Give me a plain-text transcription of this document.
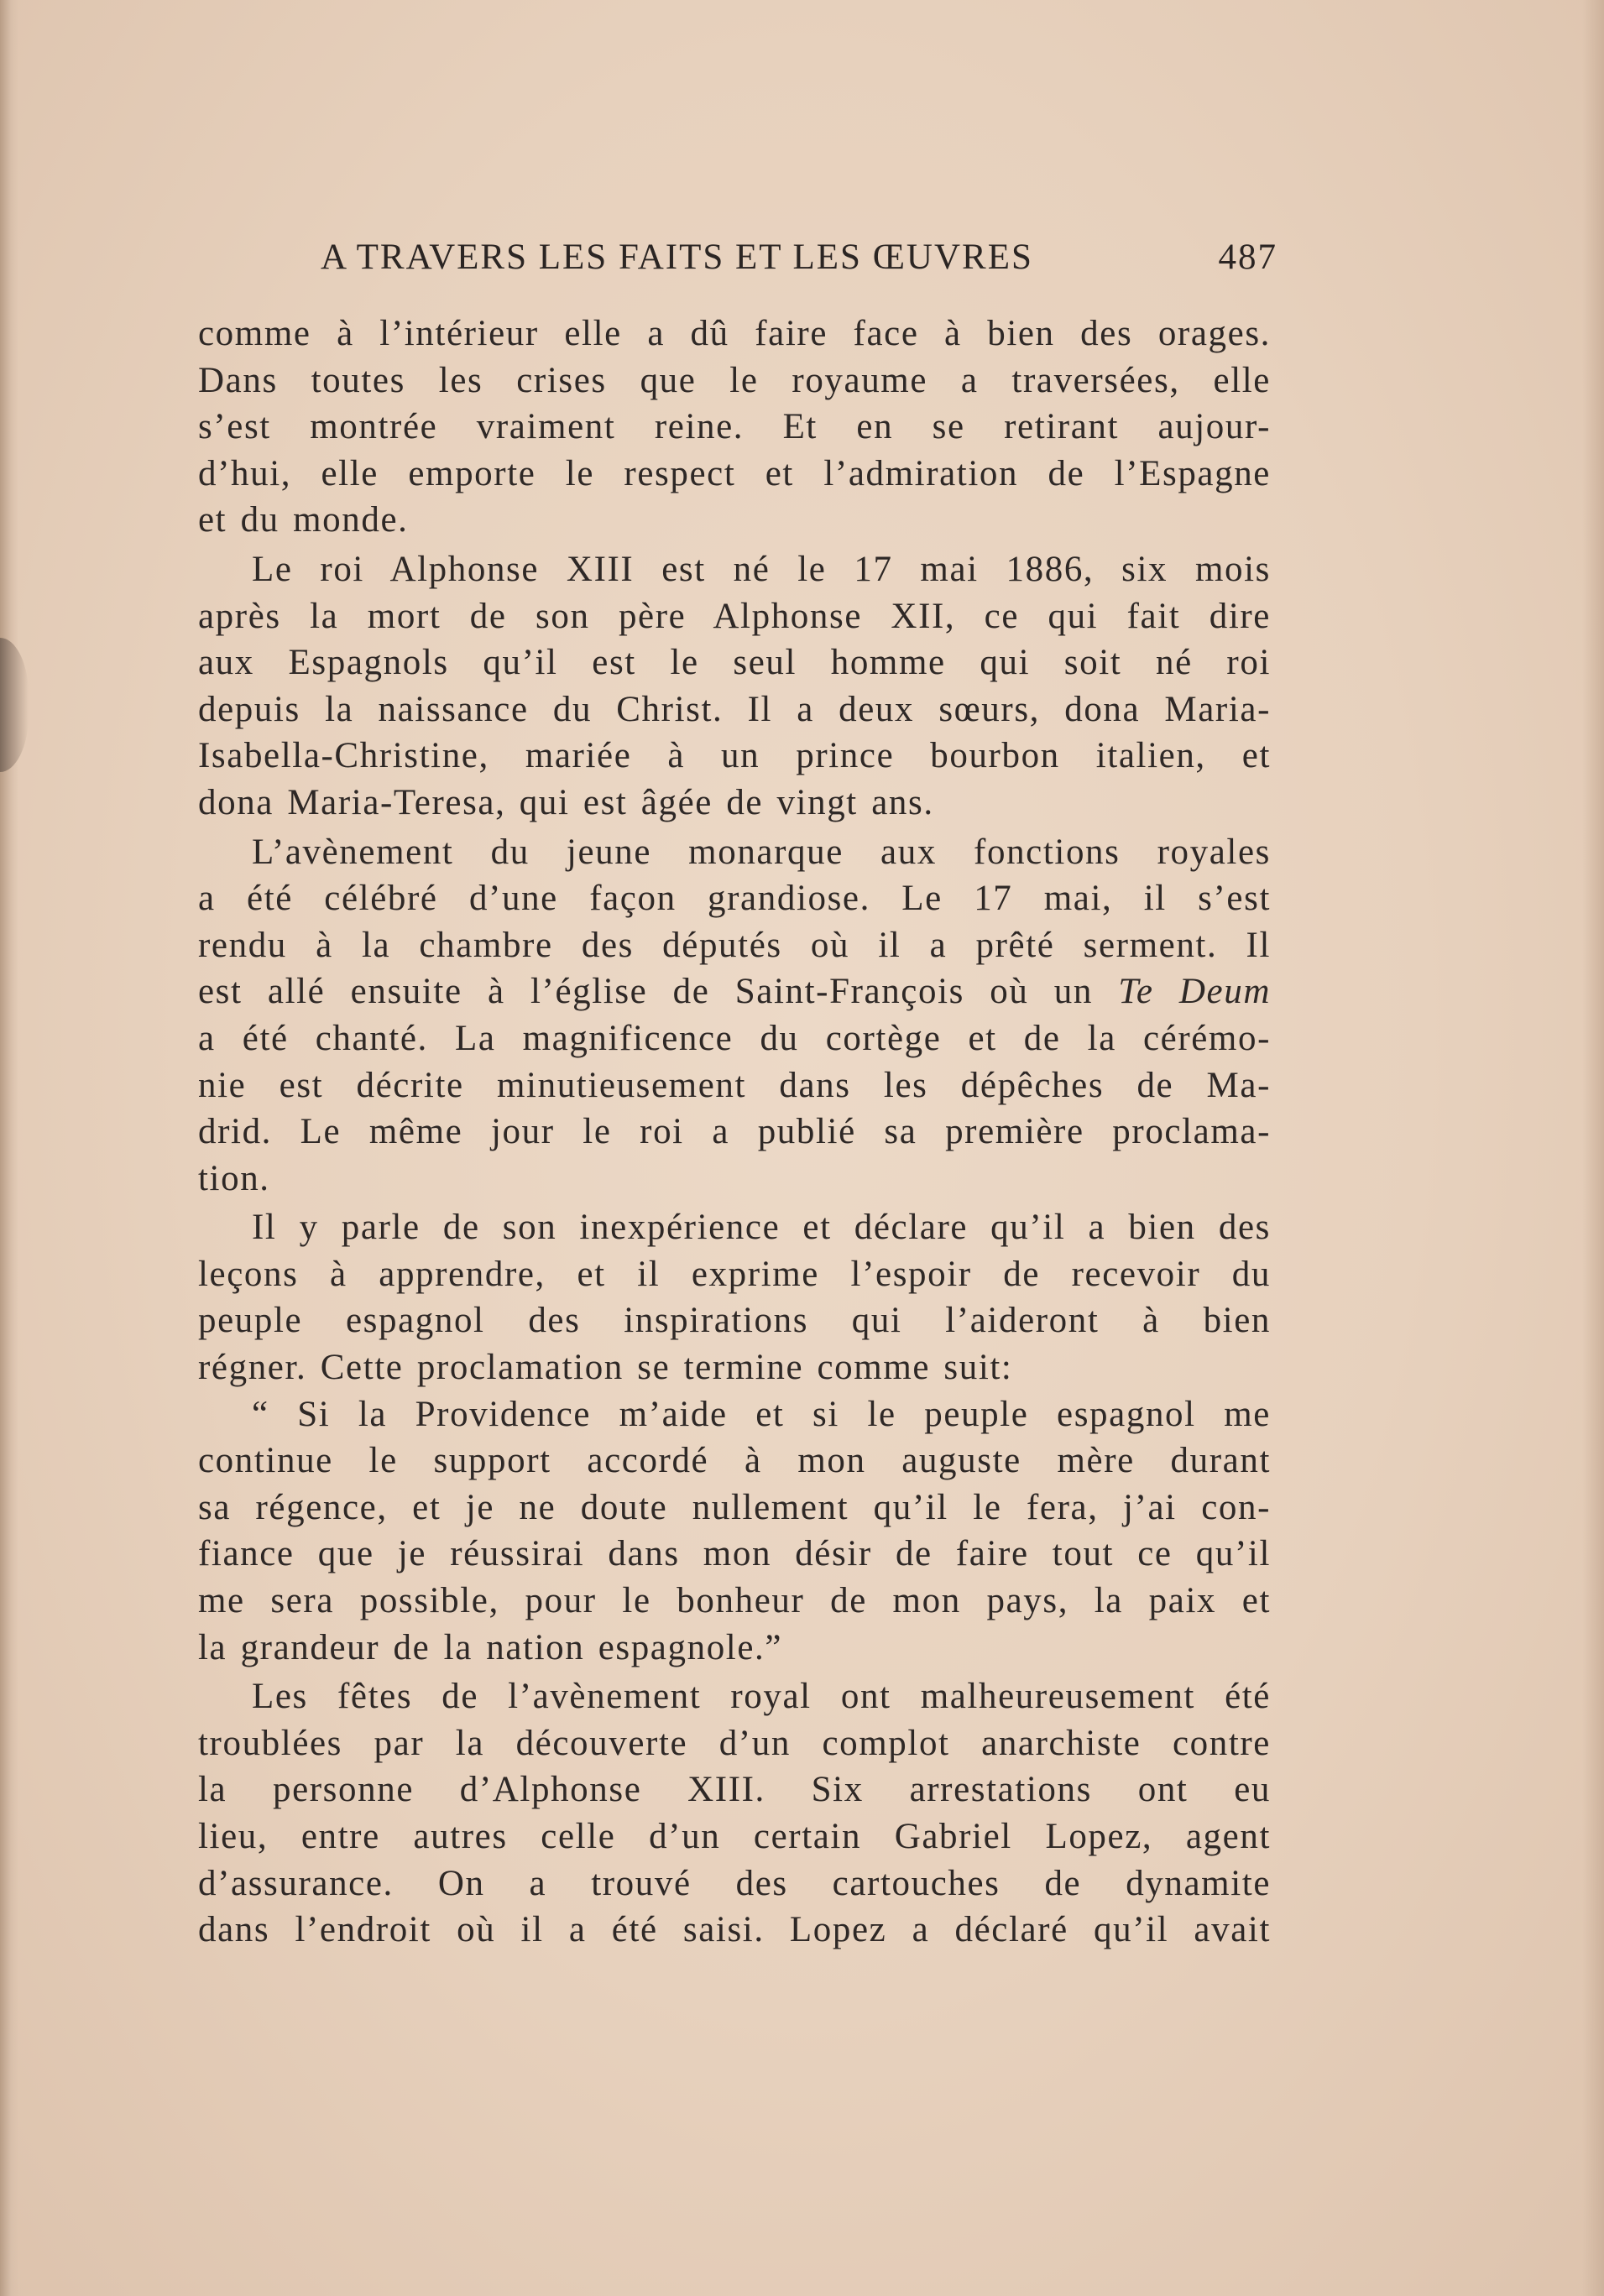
A TRAVERS LES FAITS ET LES ŒUVRES	487
comme à l’intérieur elle a dû faire face à bien des orages.
Dans toutes les crises que le royaume a traversées, elle
s’est montrée vraiment reine. Et en se retirant aujour-
d’hui, elle emporte le respect et l’admiration de l’Espagne
et du monde.
Le roi Alphonse XIII est né le 17 mai 1886, six mois
après la mort de son père Alphonse XII, ce qui fait dire
aux Espagnols qu’il est le seul homme qui soit né roi
depuis la naissance du Christ. Il a deux sœurs, dona Maria-
Isabella-Christine, mariée à un prince bourbon italien, et
dona Maria-Teresa, qui est âgée de vingt ans.
L’avènement du jeune monarque aux fonctions royales
a été célébré d’une façon grandiose. Le 17 mai, il s’est
rendu à la chambre des députés où il a prêté serment. Il
est allé ensuite à l’église de Saint-François où un Te Deum
a été chanté. La magnificence du cortège et de la cérémo-
nie est décrite minutieusement dans les dépêches de Ma-
drid. Le même jour le roi a publié sa première proclama-
tion.
Il y parle de son inexpérience et déclare qu’il a bien des
leçons à apprendre, et il exprime l’espoir de recevoir du
peuple espagnol des inspirations qui l’aideront à bien
régner. Cette proclamation se termine comme suit:
“ Si la Providence m’aide et si le peuple espagnol me
continue le support accordé à mon auguste mère durant
sa régence, et je ne doute nullement qu’il le fera, j’ai con-
fiance que je réussirai dans mon désir de faire tout ce qu’il
me sera possible, pour le bonheur de mon pays, la paix et
la grandeur de la nation espagnole.”
Les fêtes de l’avènement royal ont malheureusement été
troublées par la découverte d’un complot anarchiste contre
la personne d’Alphonse XIII. Six arrestations ont eu
lieu, entre autres celle d’un certain Gabriel Lopez, agent
d’assurance. On a trouvé des cartouches de dynamite
dans l’endroit où il a été saisi. Lopez a déclaré qu’il avait
